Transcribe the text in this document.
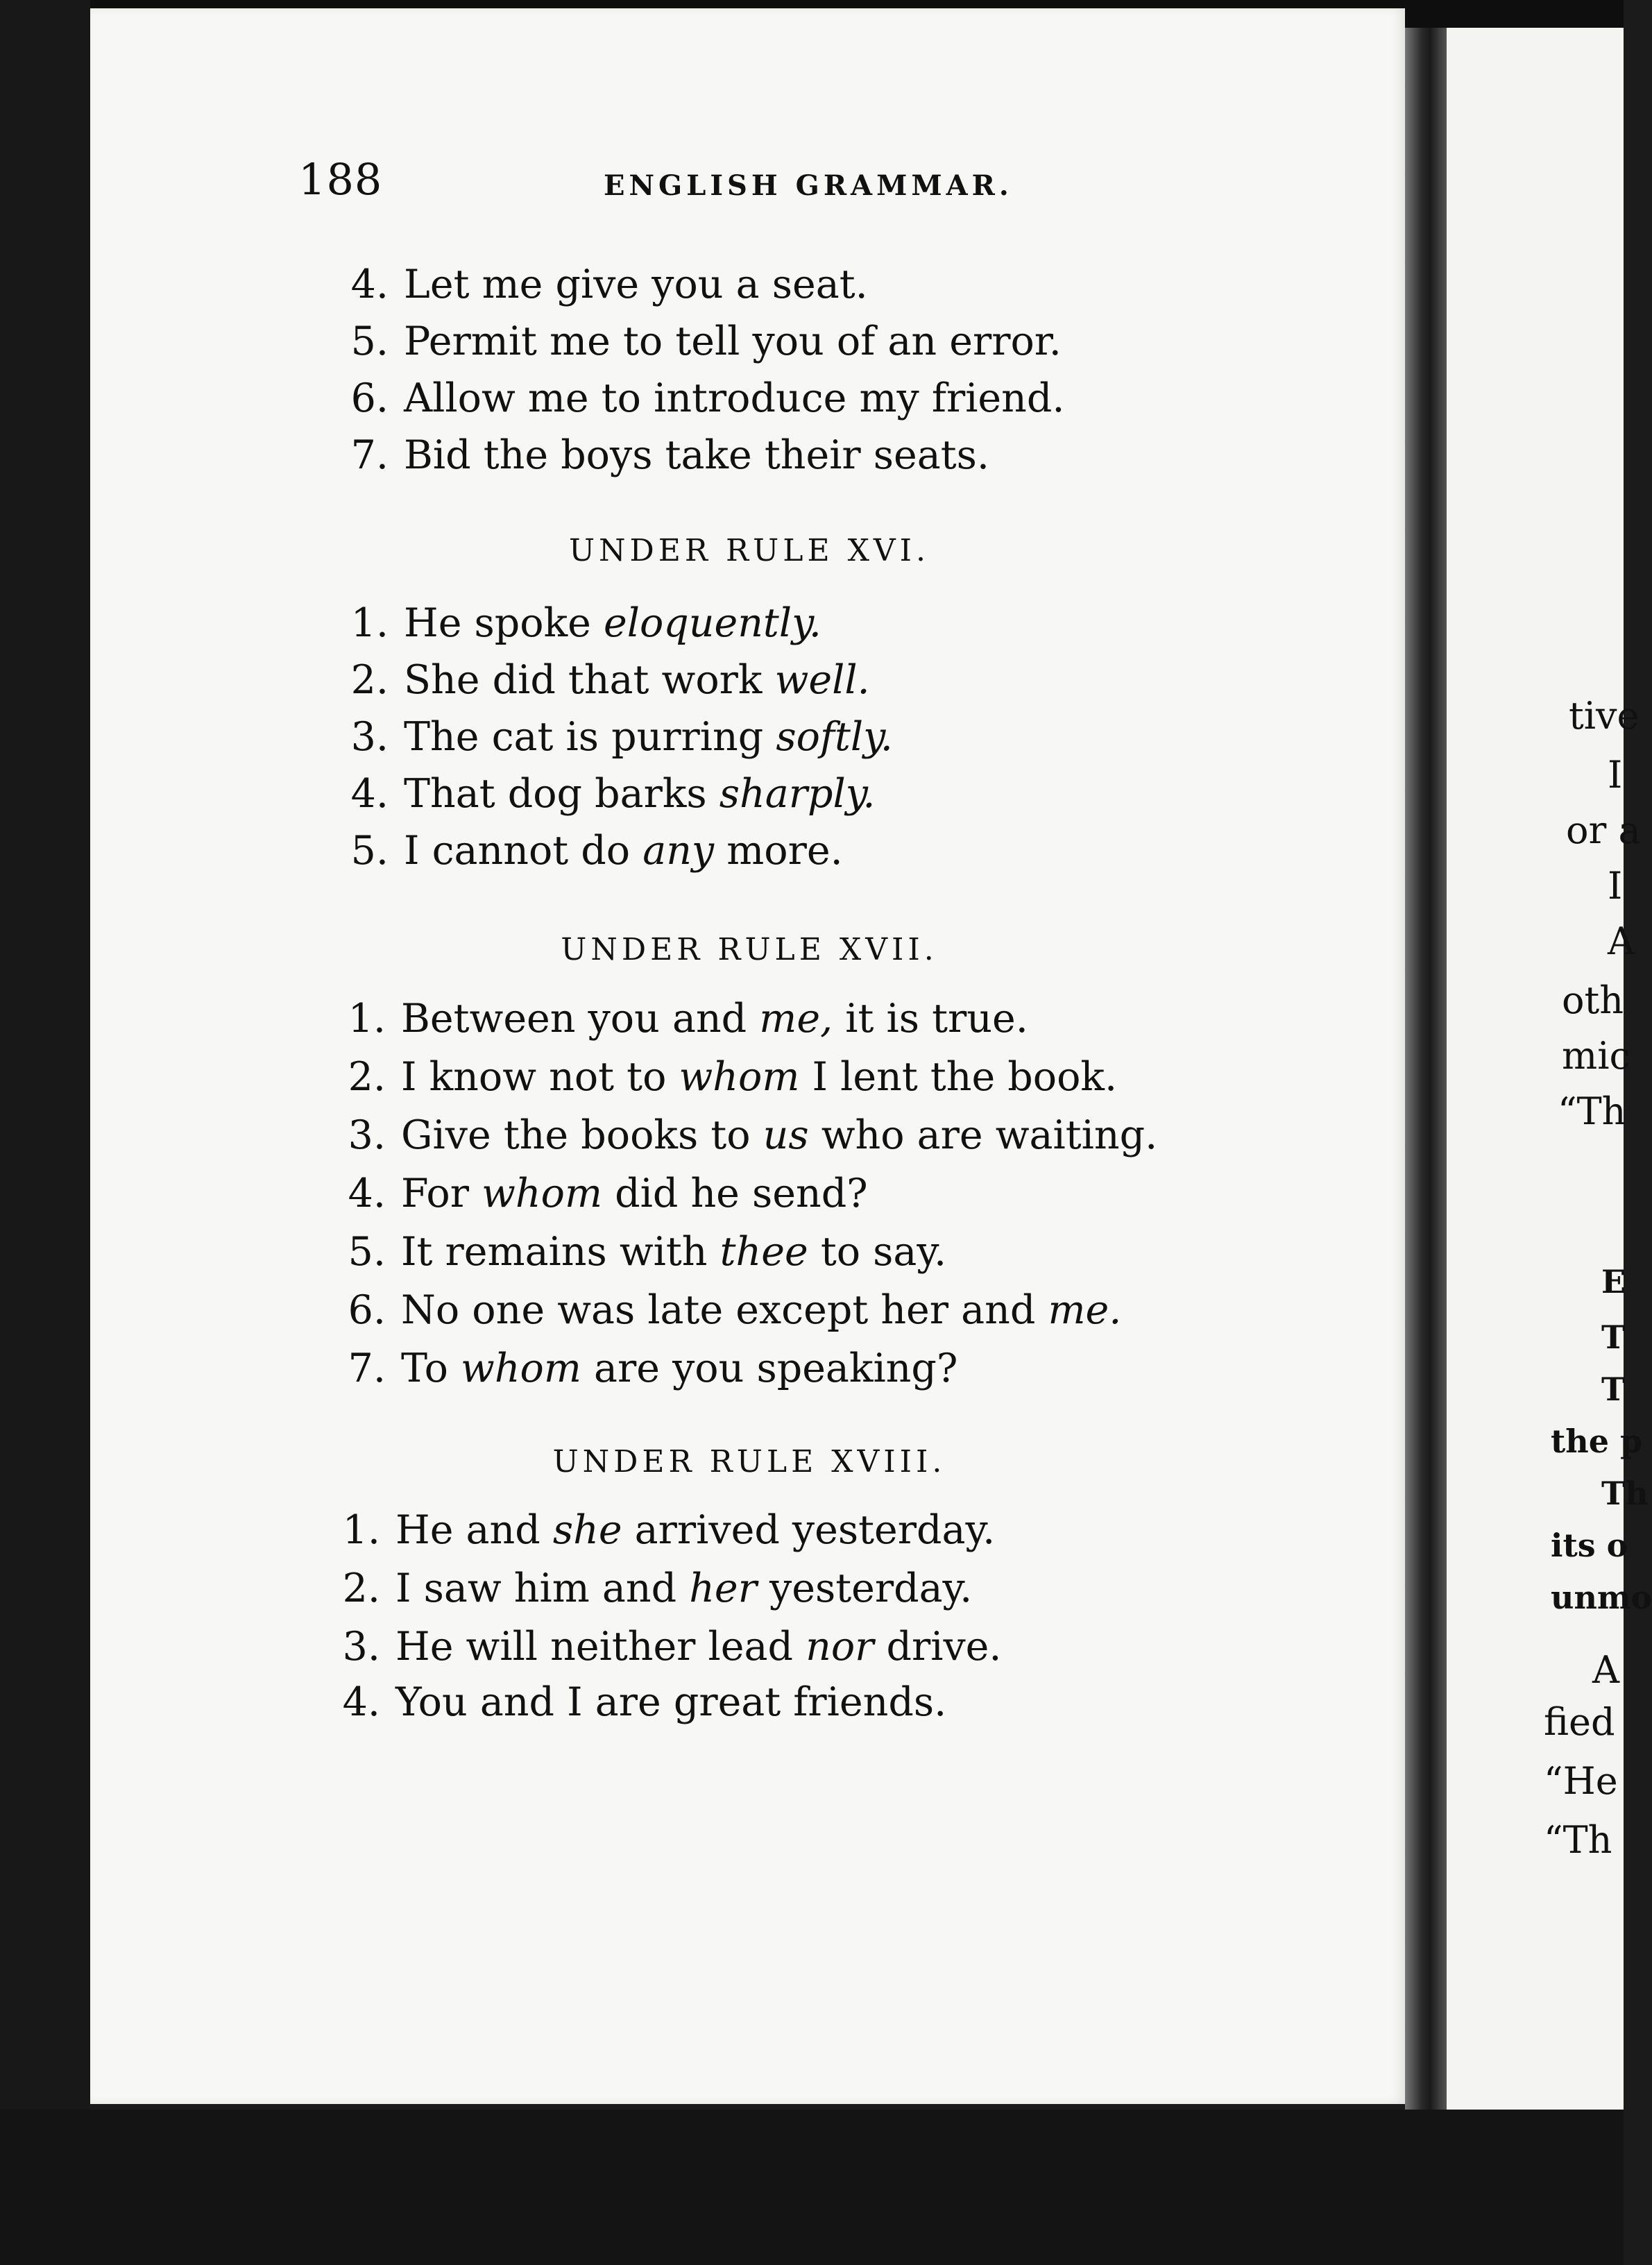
188	ENGLISH GRAMMAR.
4. Let me give you a seat.
5. Permit me to tell you of an error.
6. Allow me to introduce my friend.
7. Bid the boys take their seats.
UNDER RULE XVI.
1. He spoke eloquently.
2. She did that work well.
3. The cat is purring softly.
4. That dog barks sharply.
5. I cannot do any more.
UNDER RULE XVII.
1. Between you and me, it is true.
2. I know not to whom I lent the book.
3. Give the books to us who are waiting.
4. For whom did he send?
5. It remains with thee to say.
6. No one was late except her and me.
7. To whom are you speaking?
UNDER RULE XVIII.
1. He and she arrived yesterday.
2. I saw him and her yesterday.
3. He will neither lead nor drive.
4. You and I are great friends.
tive
I
or a
I
A
oth
mic
“Th
E
T
T
the p
Th
its o
unmo
A
fied
“He
“Th
